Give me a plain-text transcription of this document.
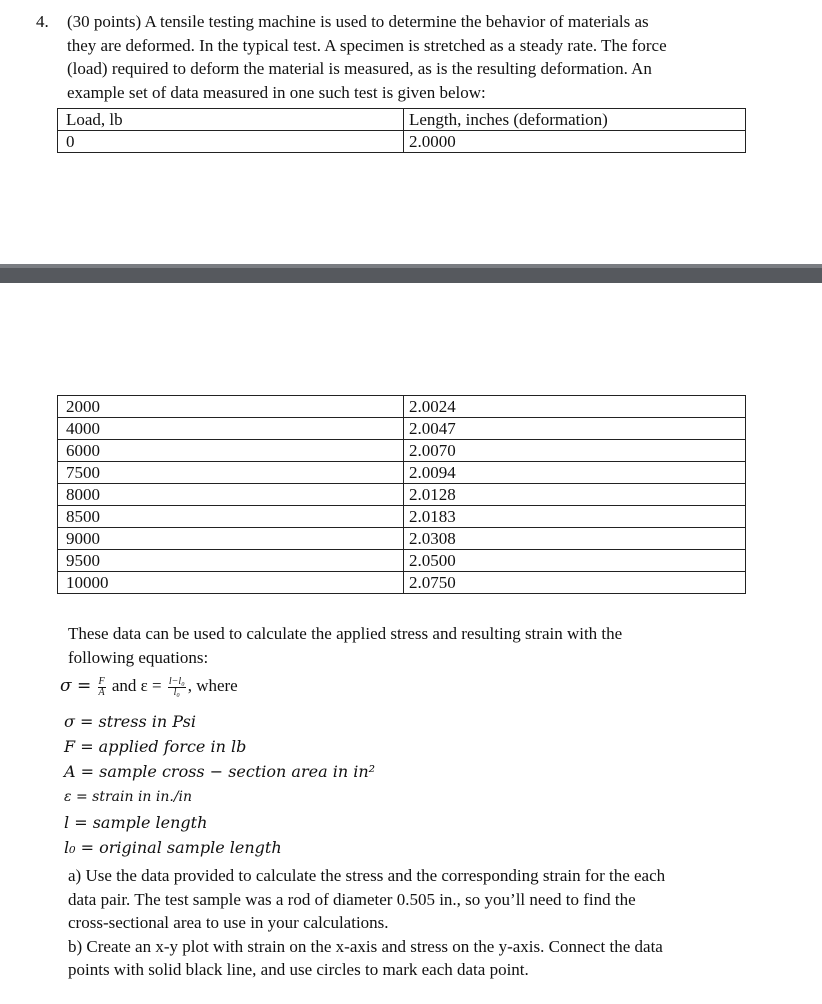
4. (30 points) A tensile testing machine is used to determine the behavior of materials as
they are deformed. In the typical test. A specimen is stretched as a steady rate. The force
(load) required to deform the material is measured, as is the resulting deformation. An
example set of data measured in one such test is given below:
Load, lb	Length, inches (deformation)
0	2.0000
2000	2.0024
4000	2.0047
6000	2.0070
7500	2.0094
8000	2.0128
8500	2.0183
9000	2.0308
9500	2.0500
10000	2.0750
These data can be used to calculate the applied stress and resulting strain with the
following equations:
$\sigma = \frac{F}{A}$ and $\varepsilon = \frac{\text{l−l₀}}{\text{l₀}}$ , where
σ = stress in Psi
F = applied force in lb
A = sample cross − section area in in²
ε = strain in in./in
l = sample length
l₀ = original sample length
a) Use the data provided to calculate the stress and the corresponding strain for the each
data pair. The test sample was a rod of diameter 0.505 in., so you’ll need to find the
cross-sectional area to use in your calculations.
b) Create an x-y plot with strain on the x-axis and stress on the y-axis. Connect the data
points with solid black line, and use circles to mark each data point.
